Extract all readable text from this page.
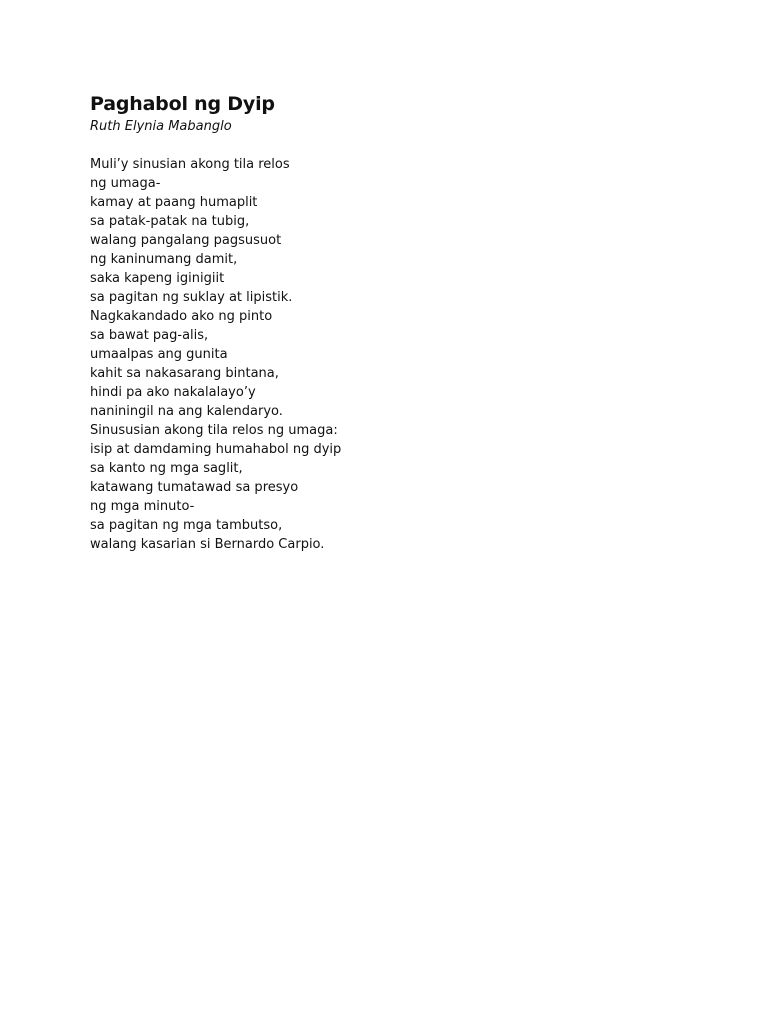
Paghabol ng Dyip

Ruth Elynia Mabanglo

Muli’y sinusian akong tila relos
ng umaga-
kamay at paang humaplit
sa patak-patak na tubig,
walang pangalang pagsusuot
ng kaninumang damit,
saka kapeng iginigiit
sa pagitan ng suklay at lipistik.
Nagkakandado ako ng pinto
sa bawat pag-alis,
umaalpas ang gunita
kahit sa nakasarang bintana,
hindi pa ako nakalalayo’y
naniningil na ang kalendaryo.
Sinususian akong tila relos ng umaga:
isip at damdaming humahabol ng dyip
sa kanto ng mga saglit,
katawang tumatawad sa presyo
ng mga minuto-
sa pagitan ng mga tambutso,
walang kasarian si Bernardo Carpio.
